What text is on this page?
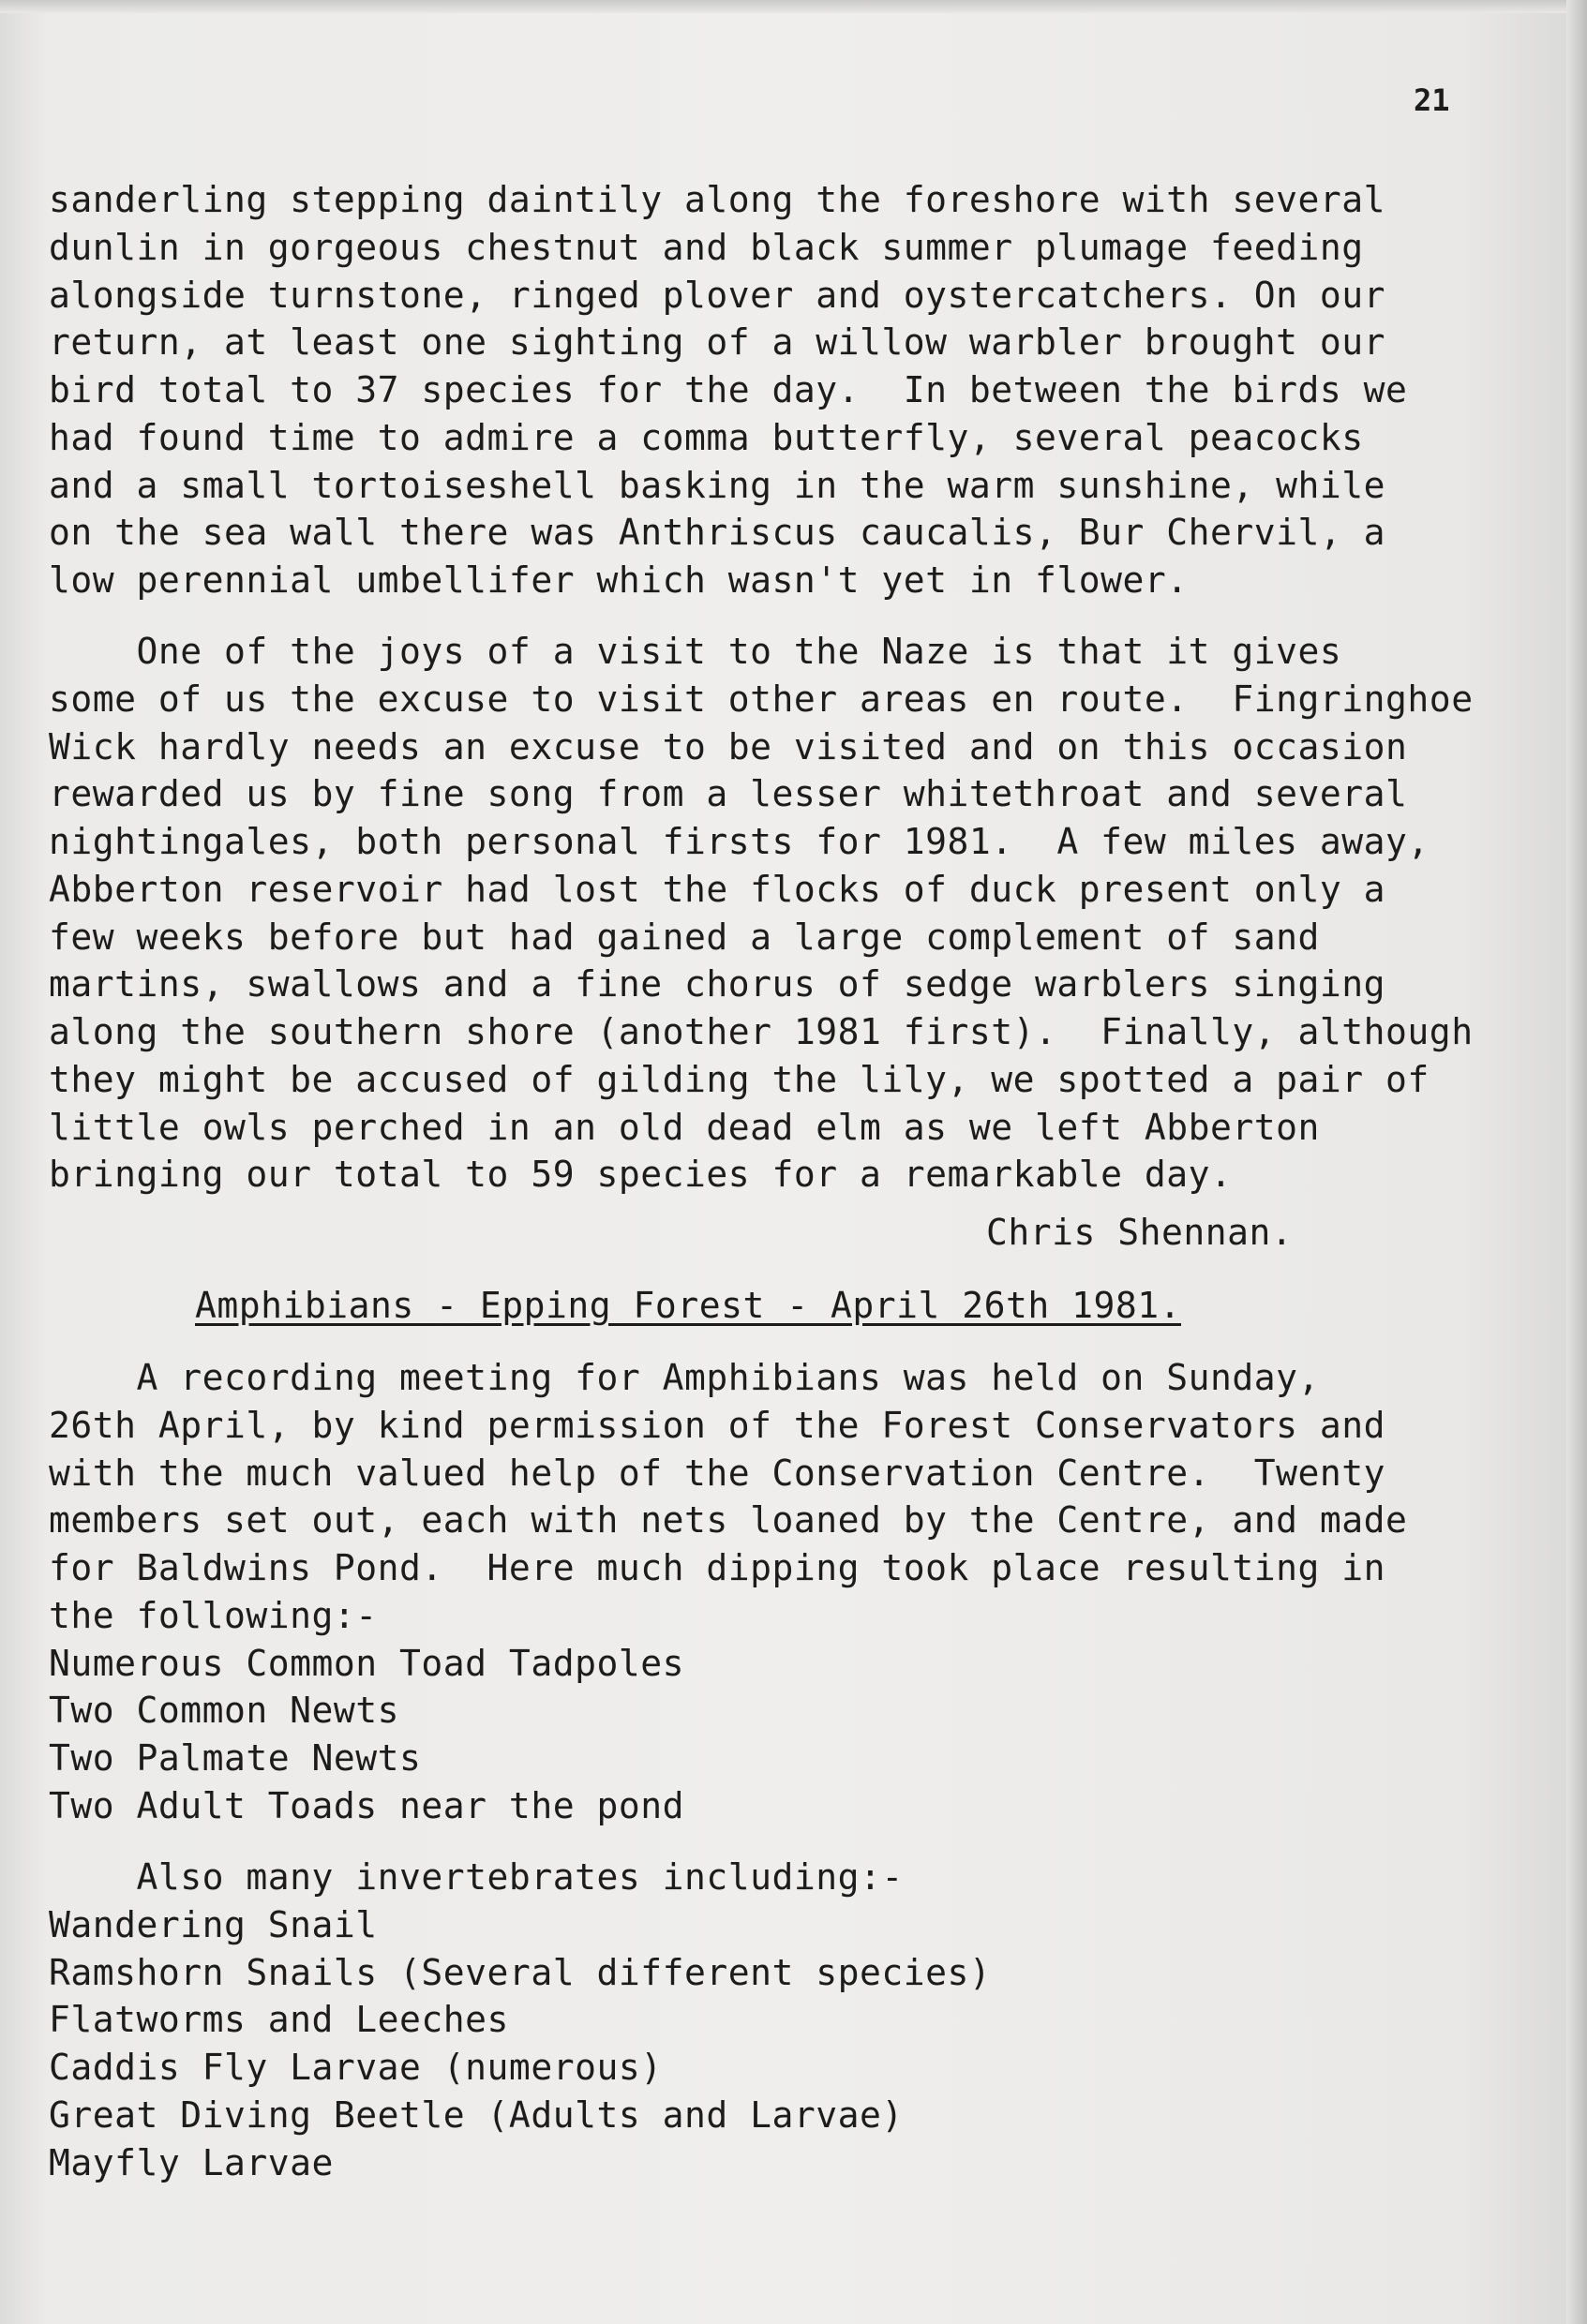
21

sanderling stepping daintily along the foreshore with several

dunlin in gorgeous chestnut and black summer plumage feeding

alongside turnstone, ringed plover and oystercatchers. On our

return, at least one sighting of a willow warbler brought our

bird total to 37 species for the day.  In between the birds we

had found time to admire a comma butterfly, several peacocks

and a small tortoiseshell basking in the warm sunshine, while

on the sea wall there was Anthriscus caucalis, Bur Chervil, a

low perennial umbellifer which wasn't yet in flower.

One of the joys of a visit to the Naze is that it gives

some of us the excuse to visit other areas en route.  Fingringhoe

Wick hardly needs an excuse to be visited and on this occasion

rewarded us by fine song from a lesser whitethroat and several

nightingales, both personal firsts for 1981.  A few miles away,

Abberton reservoir had lost the flocks of duck present only a

few weeks before but had gained a large complement of sand

martins, swallows and a fine chorus of sedge warblers singing

along the southern shore (another 1981 first).  Finally, although

they might be accused of gilding the lily, we spotted a pair of

little owls perched in an old dead elm as we left Abberton

bringing our total to 59 species for a remarkable day.

Chris Shennan.

A recording meeting for Amphibians was held on Sunday,

26th April, by kind permission of the Forest Conservators and

with the much valued help of the Conservation Centre.  Twenty

members set out, each with nets loaned by the Centre, and made

for Baldwins Pond.  Here much dipping took place resulting in

the following:-

Numerous Common Toad Tadpoles

Two Common Newts

Two Palmate Newts

Two Adult Toads near the pond

Also many invertebrates including:-

Wandering Snail

Ramshorn Snails (Several different species)

Flatworms and Leeches

Caddis Fly Larvae (numerous)

Great Diving Beetle (Adults and Larvae)

Mayfly Larvae

Amphibians - Epping Forest - April 26th 1981.
